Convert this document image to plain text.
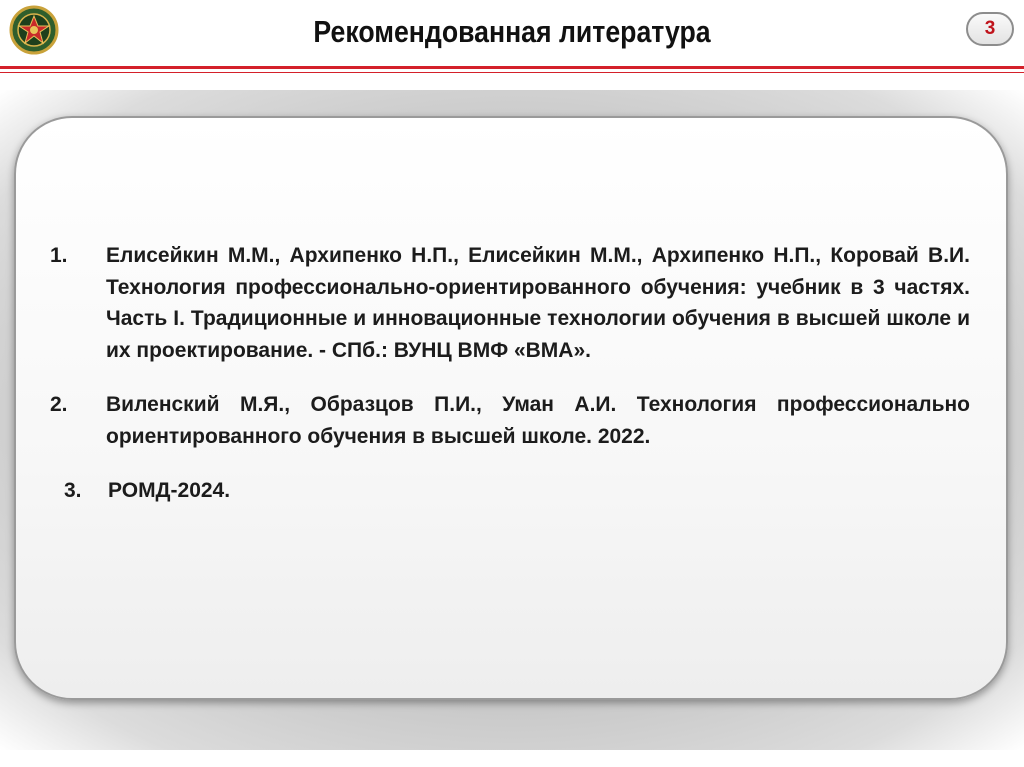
Рекомендованная литература	3
1. Елисейкин М.М., Архипенко Н.П., Елисейкин М.М., Архипенко Н.П., Коровай В.И. Технология профессионально-ориентированного обучения: учебник в 3 частях. Часть I. Традиционные и инновационные технологии обучения в высшей школе и их проектирование. - СПб.: ВУНЦ ВМФ «ВМА».
2. Виленский М.Я., Образцов П.И., Уман А.И. Технология профессионально ориентированного обучения в высшей школе. 2022.
3. РОМД-2024.
